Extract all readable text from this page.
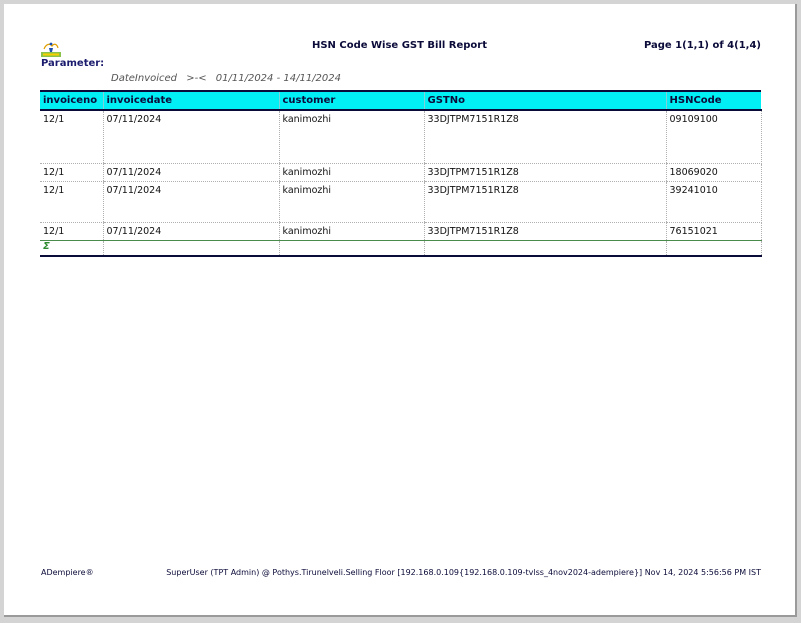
HSN Code Wise GST Bill Report	Page 1(1,1) of 4(1,4)
Parameter:
DateInvoiced >-< 01/11/2024 - 14/11/2024
invoiceno	invoicedate	customer	GSTNo	HSNCode
12/1	07/11/2024	kanimozhi	33DJTPM7151R1Z8	09109100
12/1	07/11/2024	kanimozhi	33DJTPM7151R1Z8	18069020
12/1	07/11/2024	kanimozhi	33DJTPM7151R1Z8	39241010
12/1	07/11/2024	kanimozhi	33DJTPM7151R1Z8	76151021
Σ				
ADempiere®	SuperUser (TPT Admin) @ Pothys.Tirunelveli.Selling Floor [192.168.0.109{192.168.0.109-tvlss_4nov2024-adempiere}] Nov 14, 2024 5:56:56 PM IST
